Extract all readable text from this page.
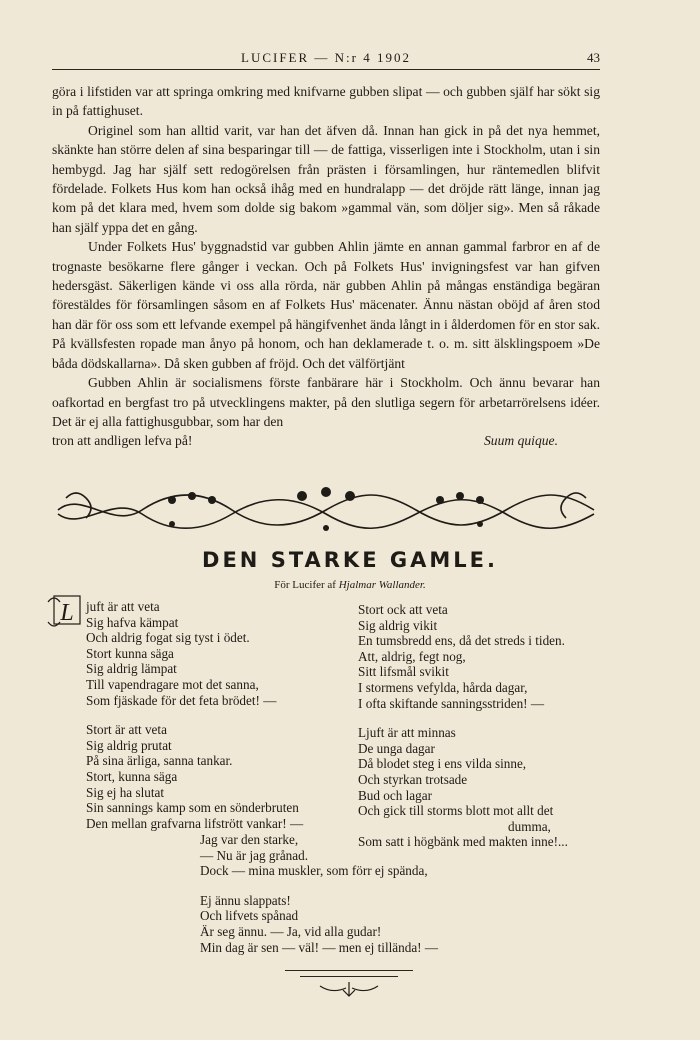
LUCIFER — N:r 4 1902	43

göra i lifstiden var att springa omkring med knifvarne gubben slipat — och gubben själf har sökt sig in på fattighuset.

Originel som han alltid varit, var han det äfven då. Innan han gick in på det nya hemmet, skänkte han större delen af sina besparingar till — de fattiga, visserligen inte i Stockholm, utan i sin hembygd. Jag har själf sett redogörelsen från prästen i församlingen, hur räntemedlen blifvit fördelade. Folkets Hus kom han också ihåg med en hundralapp — det dröjde rätt länge, innan jag kom på det klara med, hvem som dolde sig bakom »gammal vän, som döljer sig». Men så råkade han själf yppa det en gång.

Under Folkets Hus' byggnadstid var gubben Ahlin jämte en annan gammal farbror en af de trognaste besökarne flere gånger i veckan. Och på Folkets Hus' invigningsfest var han gifven hedersgäst. Säkerligen kände vi oss alla rörda, när gubben Ahlin på mångas enständiga begäran förestäldes för församlingen såsom en af Folkets Hus' mäcenater. Ännu nästan oböjd af åren stod han där för oss som ett lefvande exempel på hängifvenhet ända långt in i ålderdomen för en stor sak. På kvällsfesten ropade man ånyo på honom, och han deklamerade t. o. m. sitt älsklingspoem »De båda dödskallarna». Då sken gubben af fröjd. Och det välförtjänt

Gubben Ahlin är socialismens förste fanbärare här i Stockholm. Och ännu bevarar han oafkortad en bergfast tro på utvecklingens makter, på den slutliga segern för arbetarrörelsens idéer. Det är ej alla fattighusgubbar, som har den

tron att andligen lefva på!	Suum quique.
DEN STARKE GAMLE.
För Lucifer af Hjalmar Wallander.
L juft är att veta
Sig hafva kämpat
Och aldrig fogat sig tyst i ödet.
Stort kunna säga
Sig aldrig lämpat
Till vapendragare mot det sanna,
Som fjäskade för det feta brödet! —
Stort är att veta
Sig aldrig prutat
På sina ärliga, sanna tankar.
Stort, kunna säga
Sig ej ha slutat
Sin sannings kamp som en sönderbruten
Den mellan grafvarna lifstrött vankar! —
Stort ock att veta
Sig aldrig vikit
En tumsbredd ens, då det streds i tiden.
Att, aldrig, fegt nog,
Sitt lifsmål svikit
I stormens vefylda, hårda dagar,
I ofta skiftande sanningsstriden! —
Ljuft är att minnas
De unga dagar
Då blodet steg i ens vilda sinne,
Och styrkan trotsade
Bud och lagar
Och gick till storms blott mot allt det
dumma,
Som satt i högbänk med makten inne!...
Jag var den starke,
— Nu är jag grånad.
Dock — mina muskler, som förr ej spända,
Ej ännu slappats!
Och lifvets spånad
Är seg ännu. — Ja, vid alla gudar!
Min dag är sen — väl! — men ej tillända! —
